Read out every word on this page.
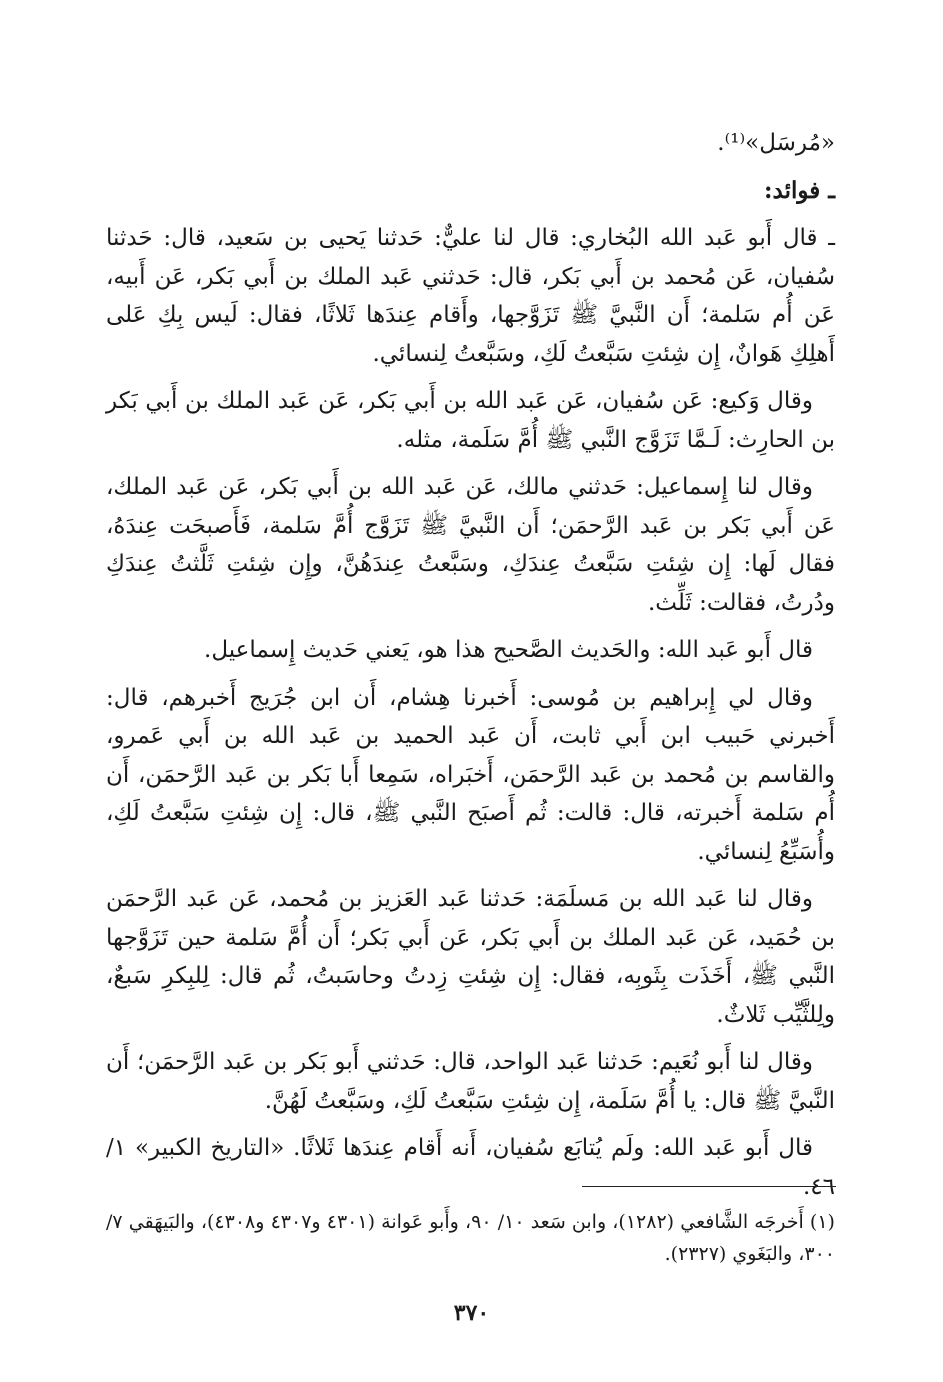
«مُرسَل»⁽¹⁾.

ـ فوائد:

ـ قال أَبو عَبد الله البُخاري: قال لنا عليٌّ: حَدثنا يَحيى بن سَعيد، قال: حَدثنا سُفيان، عَن مُحمد بن أَبي بَكر، قال: حَدثني عَبد الملك بن أَبي بَكر، عَن أَبيه، عَن أُم سَلمة؛ أَن النَّبيَّ ﷺ تَزَوَّجها، وأَقام عِندَها ثَلاثًا، فقال: لَيس بِكِ عَلى أَهلِكِ هَوانٌ، إِن شِئتِ سَبَّعتُ لَكِ، وسَبَّعتُ لِنسائي.

وقال وَكيع: عَن سُفيان، عَن عَبد الله بن أَبي بَكر، عَن عَبد الملك بن أَبي بَكر بن الحارِث: لَـمَّا تَزَوَّج النَّبي ﷺ أُمَّ سَلَمة، مثله.

وقال لنا إِسماعيل: حَدثني مالك، عَن عَبد الله بن أَبي بَكر، عَن عَبد الملك، عَن أَبي بَكر بن عَبد الرَّحمَن؛ أَن النَّبيَّ ﷺ تَزَوَّج أُمَّ سَلمة، فَأَصبحَت عِندَهُ، فقال لَها: إِن شِئتِ سَبَّعتُ عِندَكِ، وسَبَّعتُ عِندَهُنَّ، وإِن شِئتِ ثَلَّثتُ عِندَكِ ودُرتُ، فقالت: ثَلِّث.

قال أَبو عَبد الله: والحَديث الصَّحيح هذا هو، يَعني حَديث إِسماعيل.

وقال لي إِبراهيم بن مُوسى: أَخبرنا هِشام، أَن ابن جُرَيج أَخبرهم، قال: أَخبرني حَبيب ابن أَبي ثابت، أَن عَبد الحميد بن عَبد الله بن أَبي عَمرو، والقاسم بن مُحمد بن عَبد الرَّحمَن، أَخبَراه، سَمِعا أَبا بَكر بن عَبد الرَّحمَن، أَن أُم سَلمة أَخبرته، قال: قالت: ثُم أَصبَح النَّبي ﷺ، قال: إِن شِئتِ سَبَّعتُ لَكِ، وأُسَبِّعُ لِنسائي.

وقال لنا عَبد الله بن مَسلَمَة: حَدثنا عَبد العَزيز بن مُحمد، عَن عَبد الرَّحمَن بن حُمَيد، عَن عَبد الملك بن أَبي بَكر، عَن أَبي بَكر؛ أَن أُمَّ سَلمة حين تَزَوَّجها النَّبي ﷺ، أَخَذَت بِثَوبِه، فقال: إِن شِئتِ زِدتُ وحاسَبتُ، ثُم قال: لِلبِكرِ سَبعٌ، ولِلثَّيِّب ثَلاثٌ.

وقال لنا أَبو نُعَيم: حَدثنا عَبد الواحد، قال: حَدثني أَبو بَكر بن عَبد الرَّحمَن؛ أَن النَّبيَّ ﷺ قال: يا أُمَّ سَلَمة، إِن شِئتِ سَبَّعتُ لَكِ، وسَبَّعتُ لَهُنَّ.

قال أَبو عَبد الله: ولَم يُتابَع سُفيان، أَنه أَقام عِندَها ثَلاثًا. «التاريخ الكبير» ١/ ٤٦.

(١) أَخرجَه الشَّافعي (١٢٨٢)، وابن سَعد ١٠/ ٩٠، وأَبو عَوانة (٤٣٠١ و٤٣٠٧ و٤٣٠٨)، والبَيهَقي ٧/ ٣٠٠، والبَغَوي (٢٣٢٧).
٣٧٠
